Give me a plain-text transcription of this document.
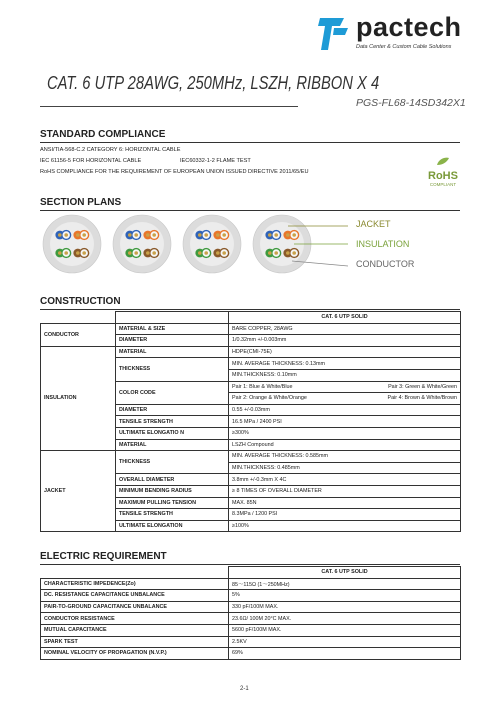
pactech
Data Center & Custom Cable Solutions
CAT. 6 UTP 28AWG, 250MHz, LSZH, RIBBON X 4
PGS-FL68-14SD342X1
STANDARD COMPLIANCE
ANSI/TIA-568-C.2 CATEGORY 6: HORIZONTAL CABLE
IEC 61156-5 FOR HORIZONTAL CABLE	IEC60332-1-2 FLAME TEST
RoHS COMPLIANCE FOR THE REQUIREMENT OF EUROPEAN UNION ISSUED DIRECTIVE 2011/65/EU	RoHS
COMPLIANT
SECTION PLANS
JACKET
INSULATION
CONDUCTOR
CONSTRUCTION
		CAT. 6 UTP SOLID
CONDUCTOR	MATERIAL & SIZE	BARE COPPER, 28AWG
	DIAMETER	1/0.32mm +/-0.003mm
INSULATION	MATERIAL	HDPE(CMI-75E)
	THICKNESS	MIN. AVERAGE THICKNESS: 0.13mm
		MIN.THICKNESS: 0.10mm
	COLOR CODE	Pair 1: Blue & White/Blue Pair 3: Green & White/Green

		Pair 2: Orange & White/Orange Pair 4: Brown & White/Brown

	DIAMETER	0.55 +/-0.03mm
	TENSILE STRENGTH	16.5 MPa / 2400 PSI
	ULTIMATE ELONGATIO N	≥300%
	MATERIAL	LSZH Compound
JACKET	THICKNESS	MIN. AVERAGE THICKNESS: 0.585mm
		MIN.THICKNESS: 0.485mm
	OVERALL DIAMETER	3.8mm +/-0.3mm X 4C
	MINIMUM BENDING RADIUS	≥ 8 TIMES OF OVERALL DIAMETER
	MAXIMUM PULLING TENSION	MAX. 85N
	TENSILE STRENGTH	8.3MPa / 1200 PSI
	ULTIMATE ELONGATION	≥100%
ELECTRIC REQUIREMENT
	CAT. 6 UTP SOLID
CHARACTERISTIC IMPEDENCE(Zo)	85～115Ω (1～250MHz)
DC. RESISTANCE CAPACITANCE UNBALANCE	5%
PAIR-TO-GROUND CAPACITANCE UNBALANCE	330 pF/100M MAX.
CONDUCTOR RESISTANCE	23.6Ω/ 100M 20°C MAX.
MUTUAL CAPACITANCE	5600 pF/100M MAX.
SPARK TEST	2.5KV
NOMINAL VELOCITY OF PROPAGATION (N.V.P.)	69%
2-1
